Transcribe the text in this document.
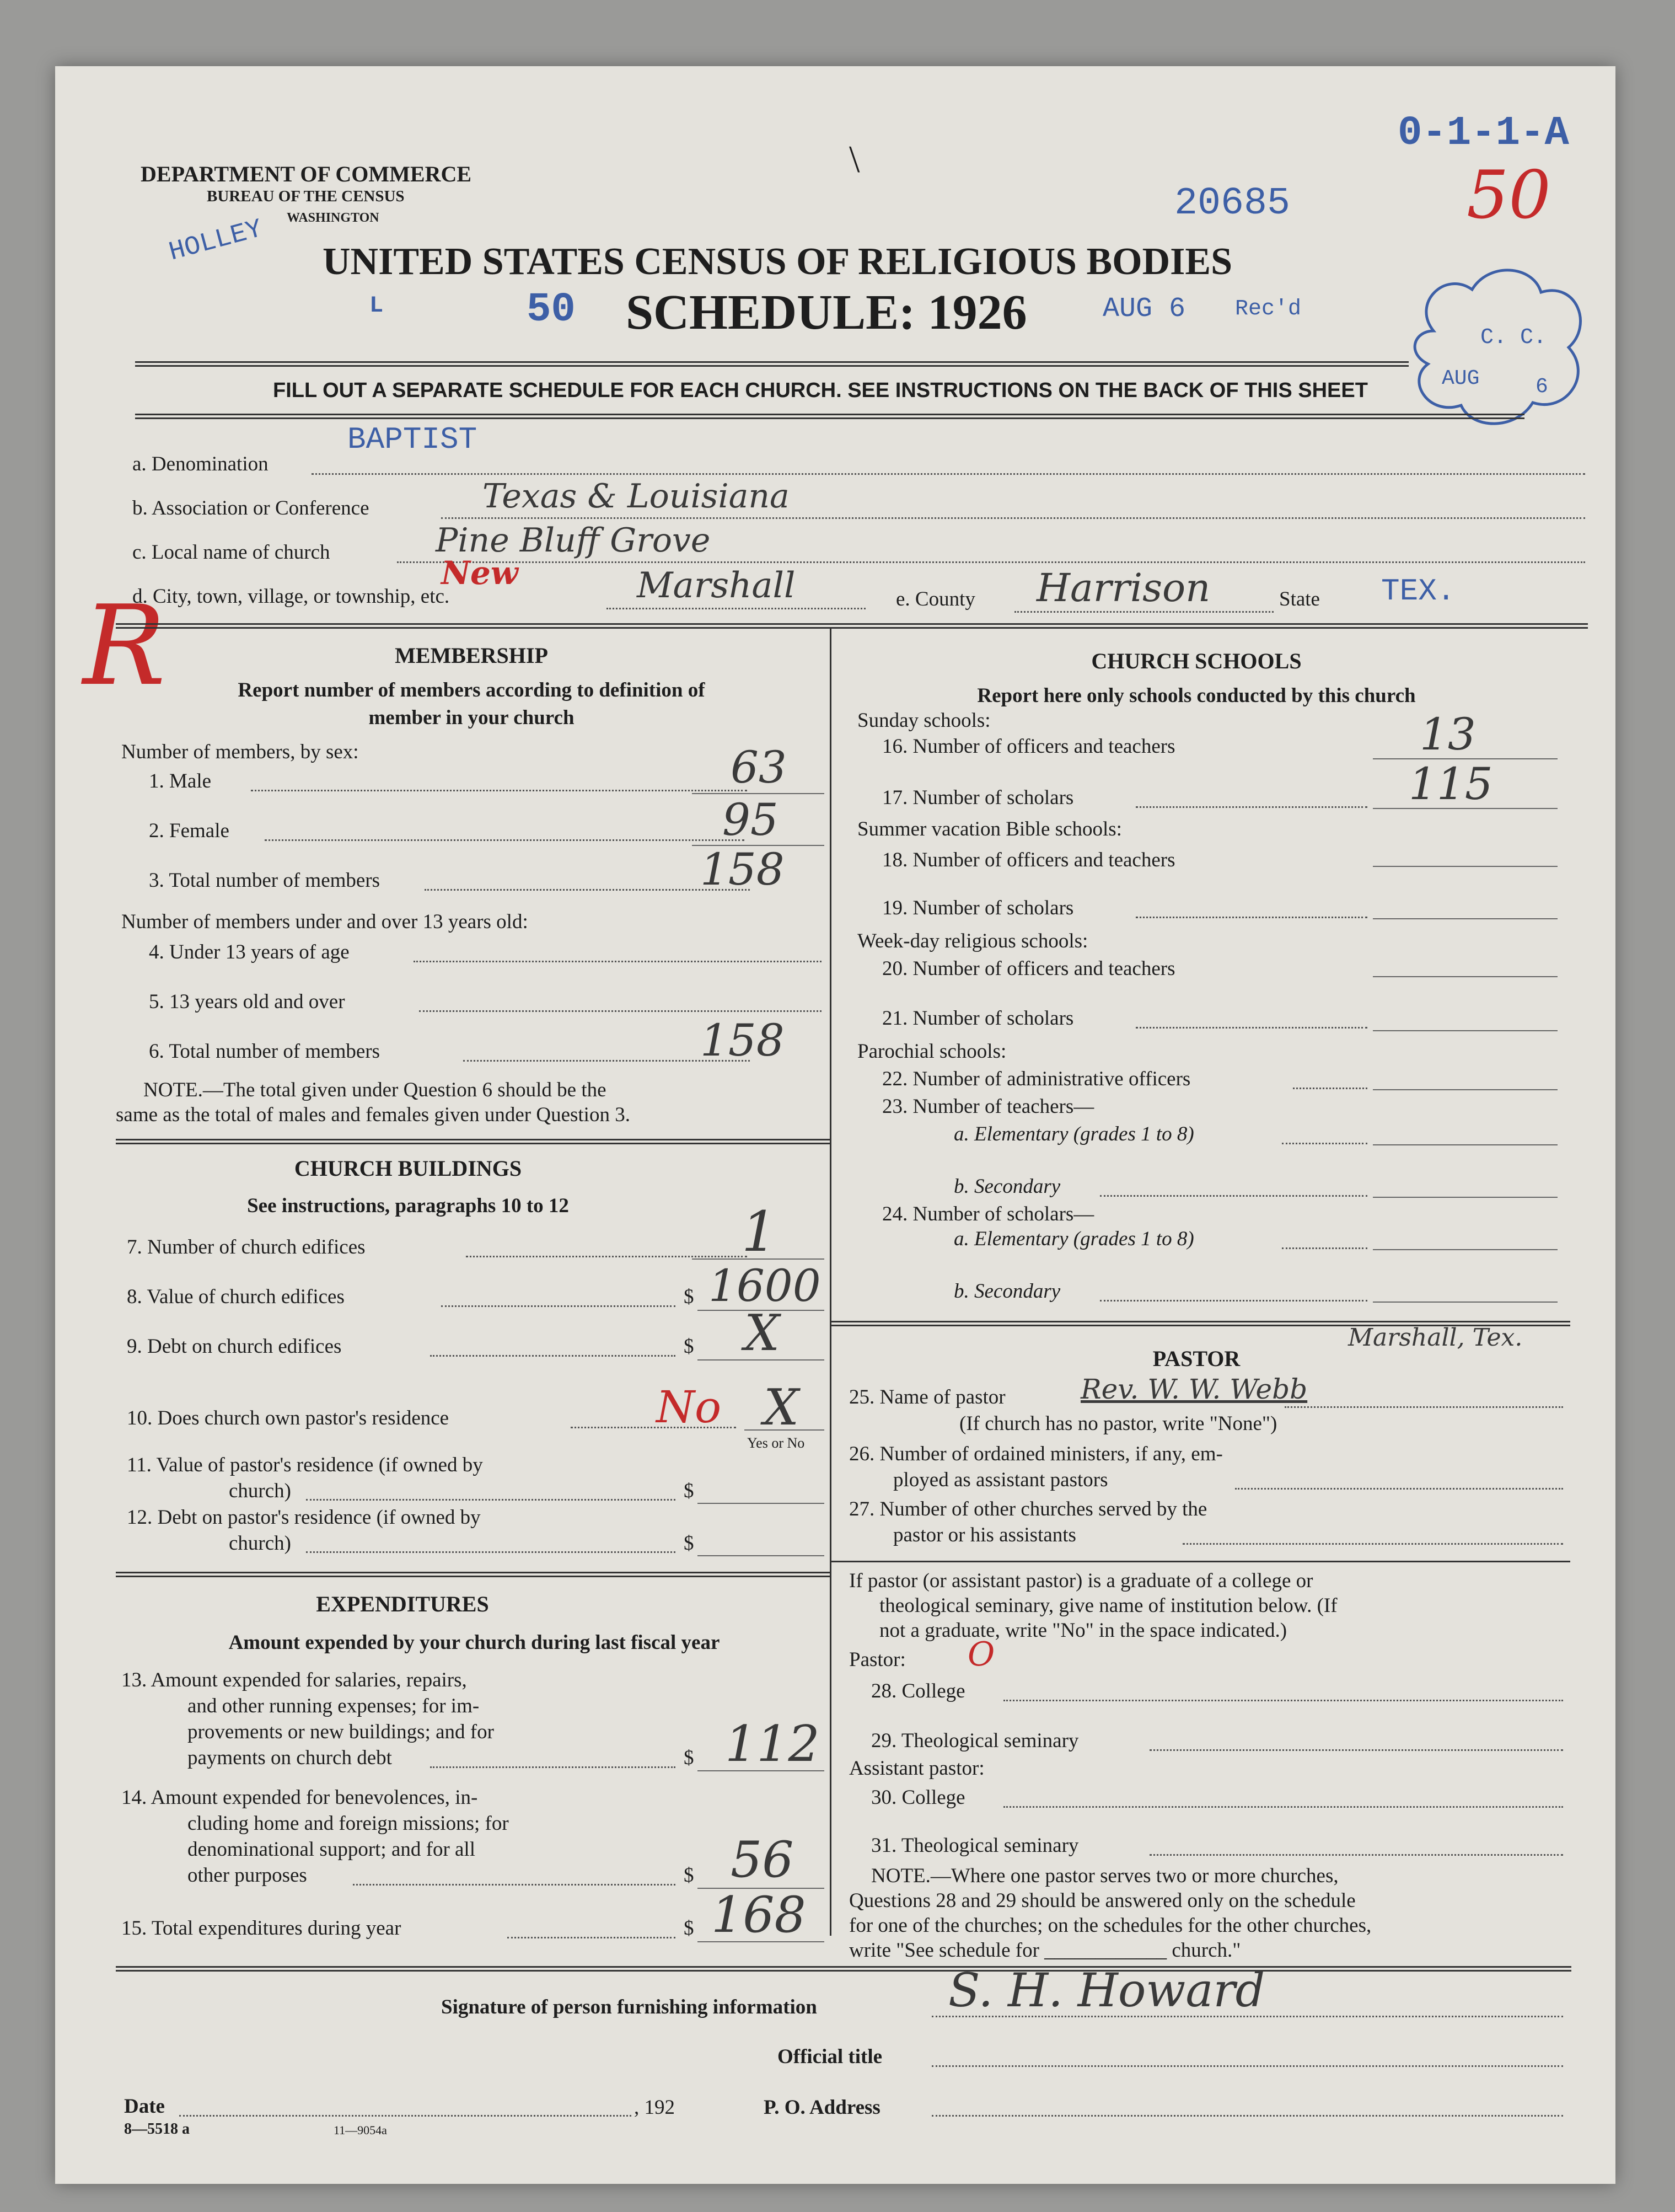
0-1-1-A
50
20685
\
DEPARTMENT OF COMMERCE
BUREAU OF THE CENSUS
WASHINGTON
HOLLEY UNITED STATES CENSUS OF RELIGIOUS BODIES
L	50 SCHEDULE: 1926	AUG 6 Rec'd
C. C.
AUG	6
FILL OUT A SEPARATE SCHEDULE FOR EACH CHURCH. SEE INSTRUCTIONS ON THE BACK OF THIS SHEET
BAPTIST
a. Denomination
b. Association or Conference	Texas & Louisiana
c. Local name of church	Pine Bluff Grove
R
New
d. City, town, village, or township, etc.	Marshall	e. County Harrison	State TEX.
MEMBERSHIP
Report number of members according to definition of
member in your church
Number of members, by sex:
1. Male	63
2. Female	95
3. Total number of members	158
Number of members under and over 13 years old:
4. Under 13 years of age
5. 13 years old and over
6. Total number of members	158
NOTE.—The total given under Question 6 should be the
same as the total of males and females given under Question 3.
CHURCH BUILDINGS
See instructions, paragraphs 10 to 12
7. Number of church edifices	1
8. Value of church edifices	$ 1600
9. Debt on church edifices	$ X
No
10. Does church own pastor's residence	X
Yes or No
11. Value of pastor's residence (if owned by
church)	$
12. Debt on pastor's residence (if owned by
church)	$
EXPENDITURES
Amount expended by your church during last fiscal year
13. Amount expended for salaries, repairs,
and other running expenses; for im-
provements or new buildings; and for
payments on church debt	$ 112
14. Amount expended for benevolences, in-
cluding home and foreign missions; for
denominational support; and for all
other purposes	$ 56
15. Total expenditures during year	$ 168
CHURCH SCHOOLS
Report here only schools conducted by this church
Sunday schools:
16. Number of officers and teachers	13
17. Number of scholars	115
Summer vacation Bible schools:
18. Number of officers and teachers
19. Number of scholars
Week-day religious schools:
20. Number of officers and teachers
21. Number of scholars
Parochial schools:
22. Number of administrative officers
23. Number of teachers—
a. Elementary (grades 1 to 8)
b. Secondary
24. Number of scholars—
a. Elementary (grades 1 to 8)
b. Secondary
Marshall, Tex.
PASTOR
25. Name of pastor	Rev. W. W. Webb
(If church has no pastor, write "None")
26. Number of ordained ministers, if any, em-
ployed as assistant pastors
27. Number of other churches served by the
pastor or his assistants
If pastor (or assistant pastor) is a graduate of a college or
theological seminary, give name of institution below. (If
not a graduate, write "No" in the space indicated.)
Pastor: O
28. College
29. Theological seminary
Assistant pastor:
30. College
31. Theological seminary
NOTE.—Where one pastor serves two or more churches,
Questions 28 and 29 should be answered only on the schedule
for one of the churches; on the schedules for the other churches,
write "See schedule for ____________ church."
Signature of person furnishing information	S. H. Howard
Official title
Date	, 192	P. O. Address
8—5518 a	11—9054a
